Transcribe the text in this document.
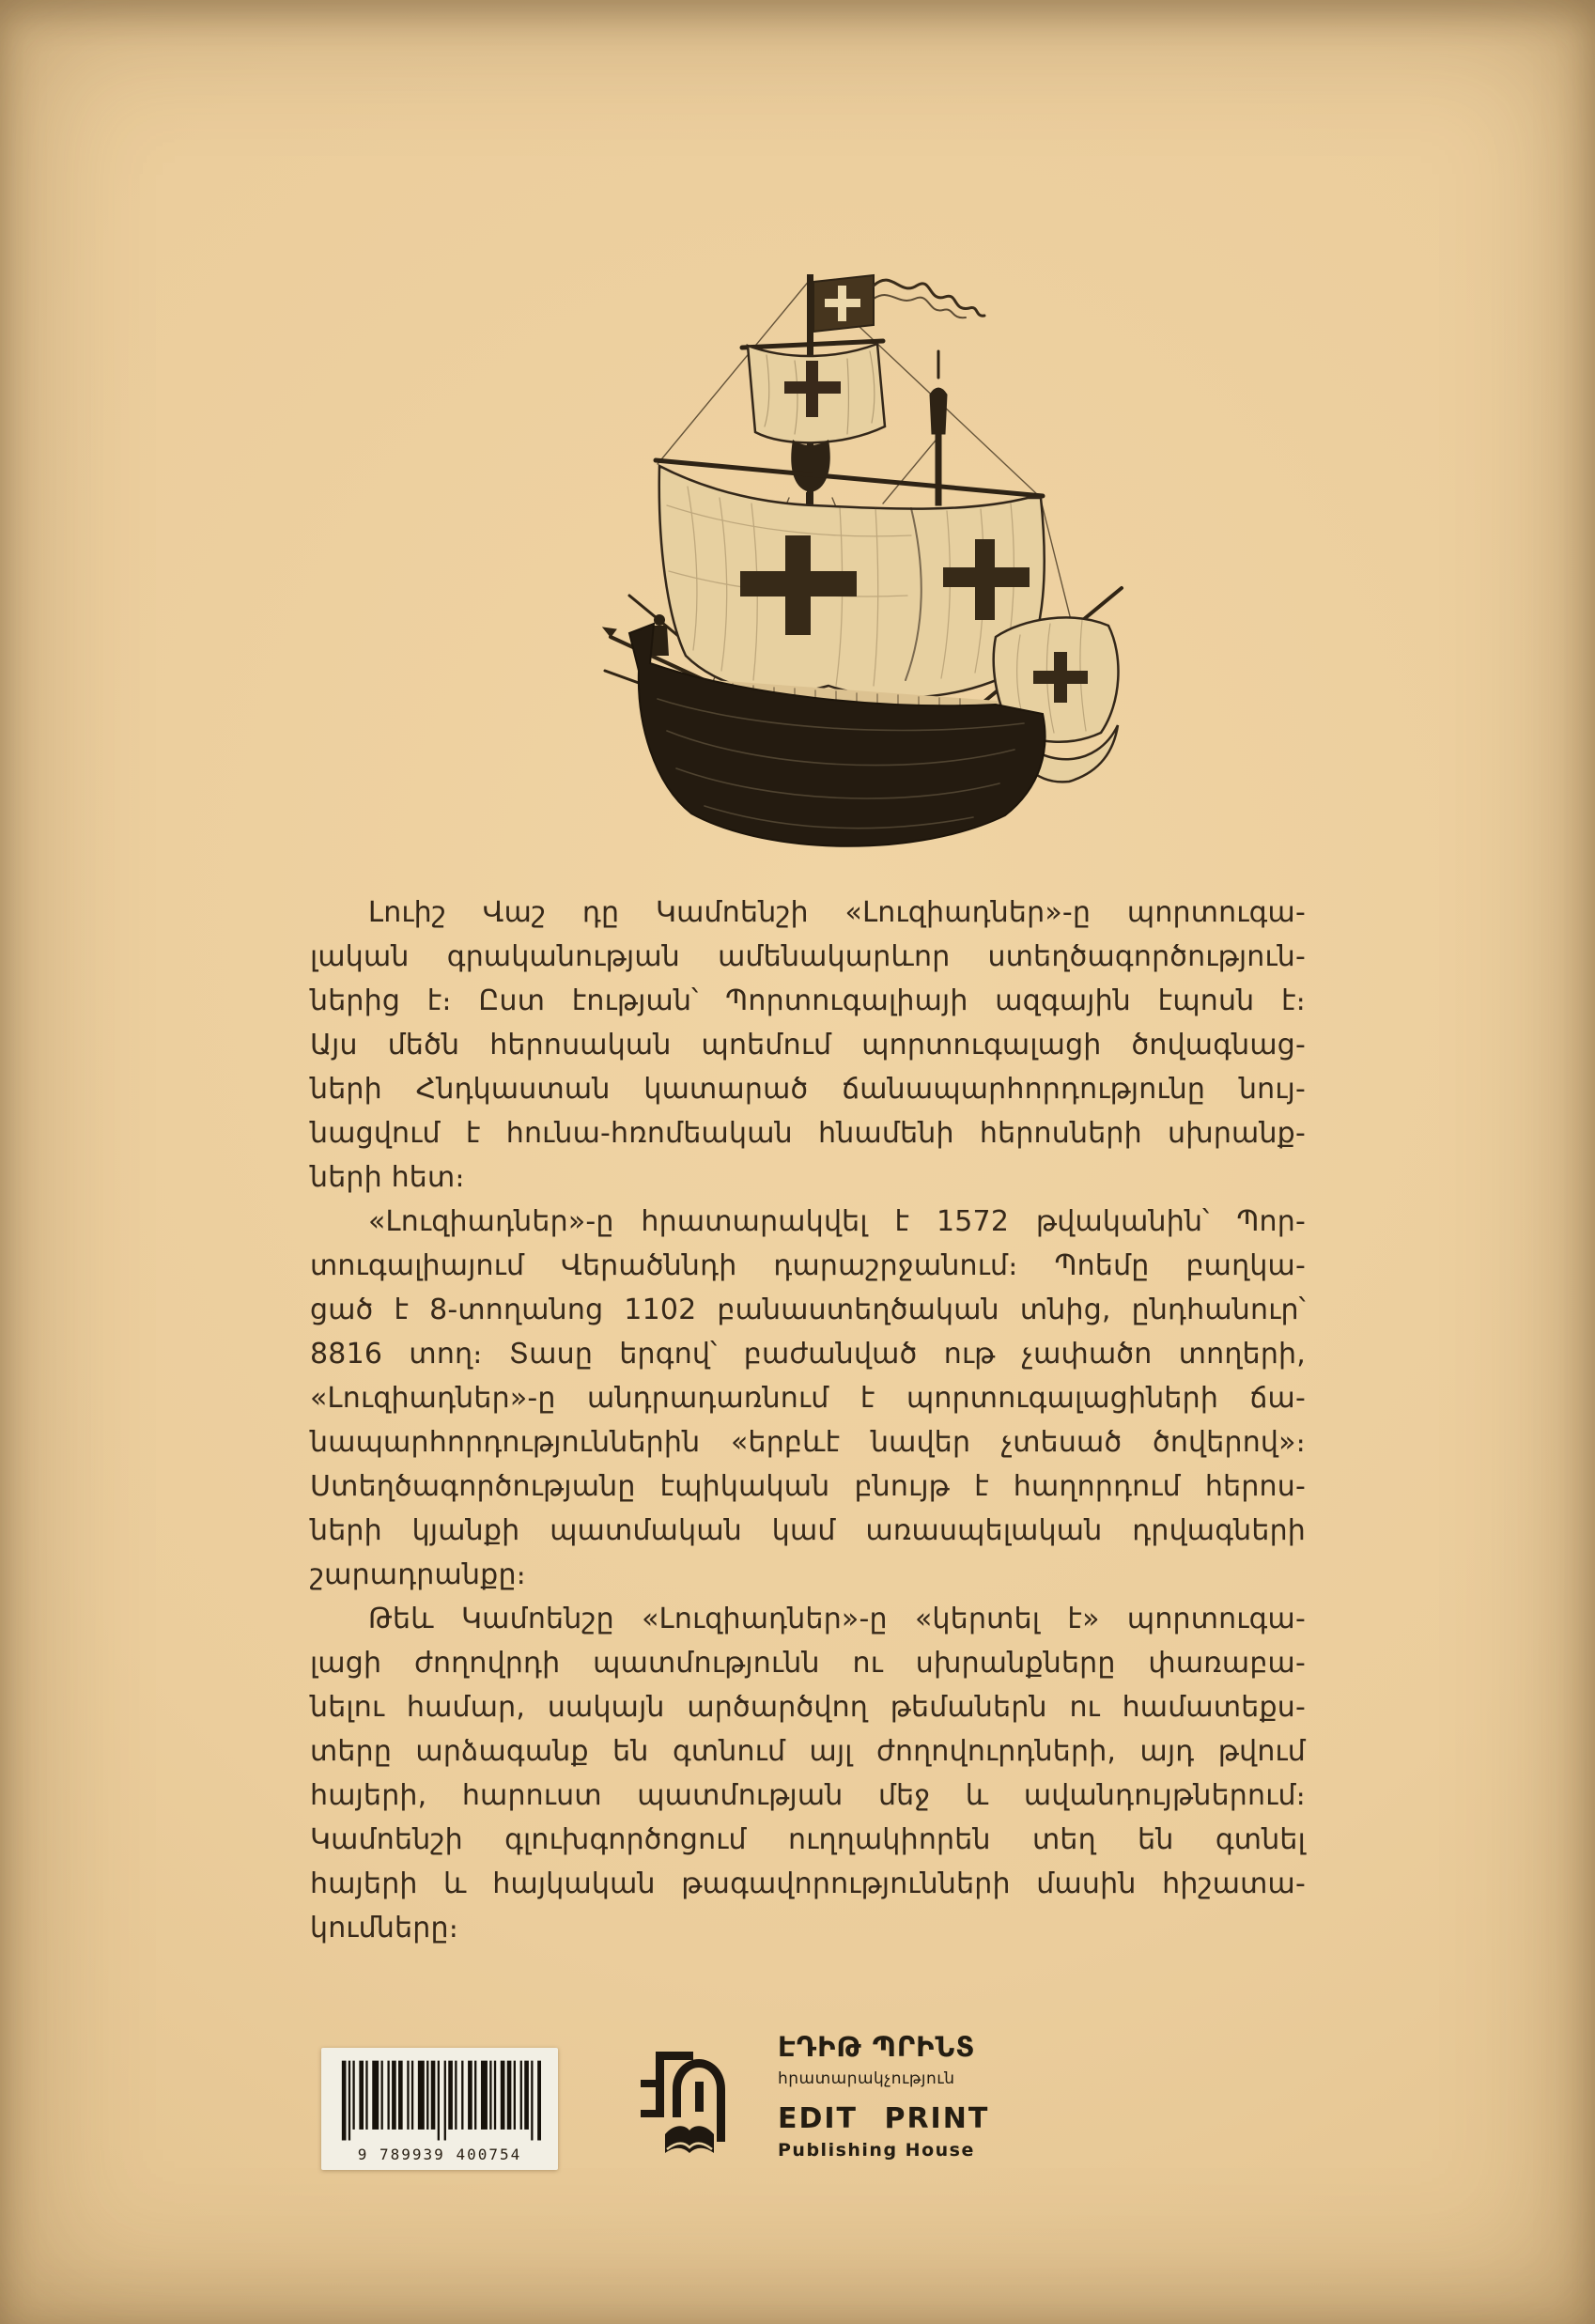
Լուիշ Վաշ դը Կամոենշի «Լուզիադներ»-ը պորտուգա-
լական գրականության ամենակարևոր ստեղծագործություն-
ներից է։ Ըստ էության՝ Պորտուգալիայի ազգային էպոսն է։
Այս մեծն հերոսական պոեմում պորտուգալացի ծովագնաց-
ների Հնդկաստան կատարած ճանապարհորդությունը նույ-
նացվում է հունա-հռոմեական հնամենի հերոսների սխրանք-
ների հետ։
«Լուզիադներ»-ը հրատարակվել է 1572 թվականին՝ Պոր-
տուգալիայում Վերածննդի դարաշրջանում։ Պոեմը բաղկա-
ցած է 8-տողանոց 1102 բանաստեղծական տնից, ընդհանուր՝
8816 տող։ Տասը երգով՝ բաժանված ութ չափածո տողերի,
«Լուզիադներ»-ը անդրադառնում է պորտուգալացիների ճա-
նապարհորդություններին «երբևէ նավեր չտեսած ծովերով»։
Ստեղծագործությանը էպիկական բնույթ է հաղորդում հերոս-
ների կյանքի պատմական կամ առասպելական դրվագների
շարադրանքը։
Թեև Կամոենշը «Լուզիադներ»-ը «կերտել է» պորտուգա-
լացի ժողովրդի պատմությունն ու սխրանքները փառաբա-
նելու համար, սակայն արծարծվող թեմաներն ու համատեքս-
տերը արձագանք են գտնում այլ ժողովուրդների, այդ թվում
հայերի, հարուստ պատմության մեջ և ավանդույթներում։
Կամոենշի գլուխգործոցում ուղղակիորեն տեղ են գտնել
հայերի և հայկական թագավորությունների մասին հիշատա-
կումները։
9 789939 400754
ԷԴԻԹ ՊՐԻՆՏ
հրատարակչություն
EDIT PRINT
Publishing House
